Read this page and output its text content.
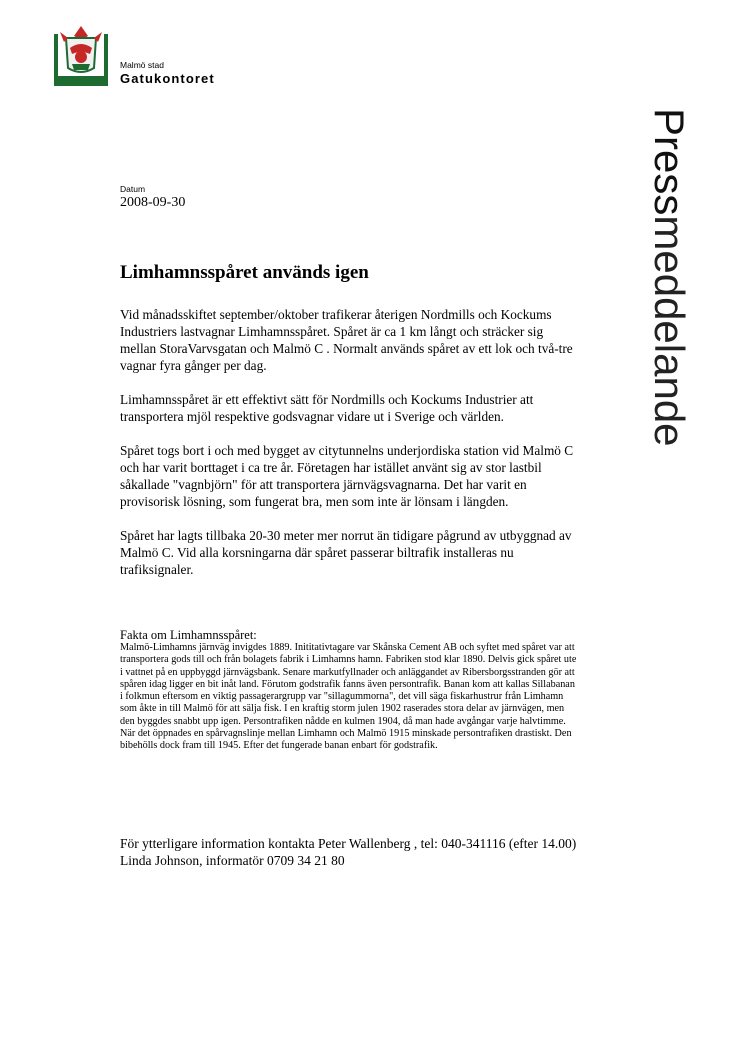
Malmö stad
Gatukontoret
Pressmeddelande
Datum
2008-09-30
Limhamnsspåret används igen

Vid månadsskiftet september/oktober trafikerar återigen Nordmills och Kockums Industriers lastvagnar Limhamnsspåret. Spåret är ca 1 km långt och sträcker sig mellan StoraVarvsgatan och Malmö C . Normalt används spåret av ett lok och två-tre vagnar fyra gånger per dag.

Limhamnsspåret är ett effektivt sätt för Nordmills och Kockums Industrier att transportera mjöl respektive godsvagnar vidare ut i Sverige och världen.

Spåret togs bort i och med bygget av citytunnelns underjordiska station vid Malmö C och har varit borttaget i ca tre år. Företagen har istället använt sig av stor lastbil såkallade "vagnbjörn" för att transportera järnvägsvagnarna. Det har varit en provisorisk lösning, som fungerat bra, men som inte är lönsam i längden.

Spåret har lagts tillbaka 20-30 meter mer norrut än tidigare pågrund av utbyggnad av Malmö C. Vid alla korsningarna där spåret passerar biltrafik installeras nu trafiksignaler.

Fakta om Limhamnsspåret:
Malmö-Limhamns järnväg invigdes 1889. Inititativtagare var Skånska Cement AB och syftet med spåret var att transportera gods till och från bolagets fabrik i Limhamns hamn. Fabriken stod klar 1890. Delvis gick spåret ute i vattnet på en uppbyggd järnvägsbank. Senare markutfyllnader och anläggandet av Ribersborgsstranden gör att spåren idag ligger en bit inåt land. Förutom godstrafik fanns även persontrafik. Banan kom att kallas Sillabanan i folkmun eftersom en viktig passagerargrupp var "sillagummorna", det vill säga fiskarhustrur från Limhamn som åkte in till Malmö för att sälja fisk. I en kraftig storm julen 1902 raserades stora delar av järnvägen, men den byggdes snabbt upp igen. Persontrafiken nådde en kulmen 1904, då man hade avgångar varje halvtimme. När det öppnades en spårvagnslinje mellan Limhamn och Malmö 1915 minskade persontrafiken drastiskt. Den bibehölls dock fram till 1945. Efter det fungerade banan enbart för godstrafik.
För ytterligare information kontakta Peter Wallenberg , tel: 040-341116 (efter 14.00)
Linda Johnson, informatör 0709 34 21 80
